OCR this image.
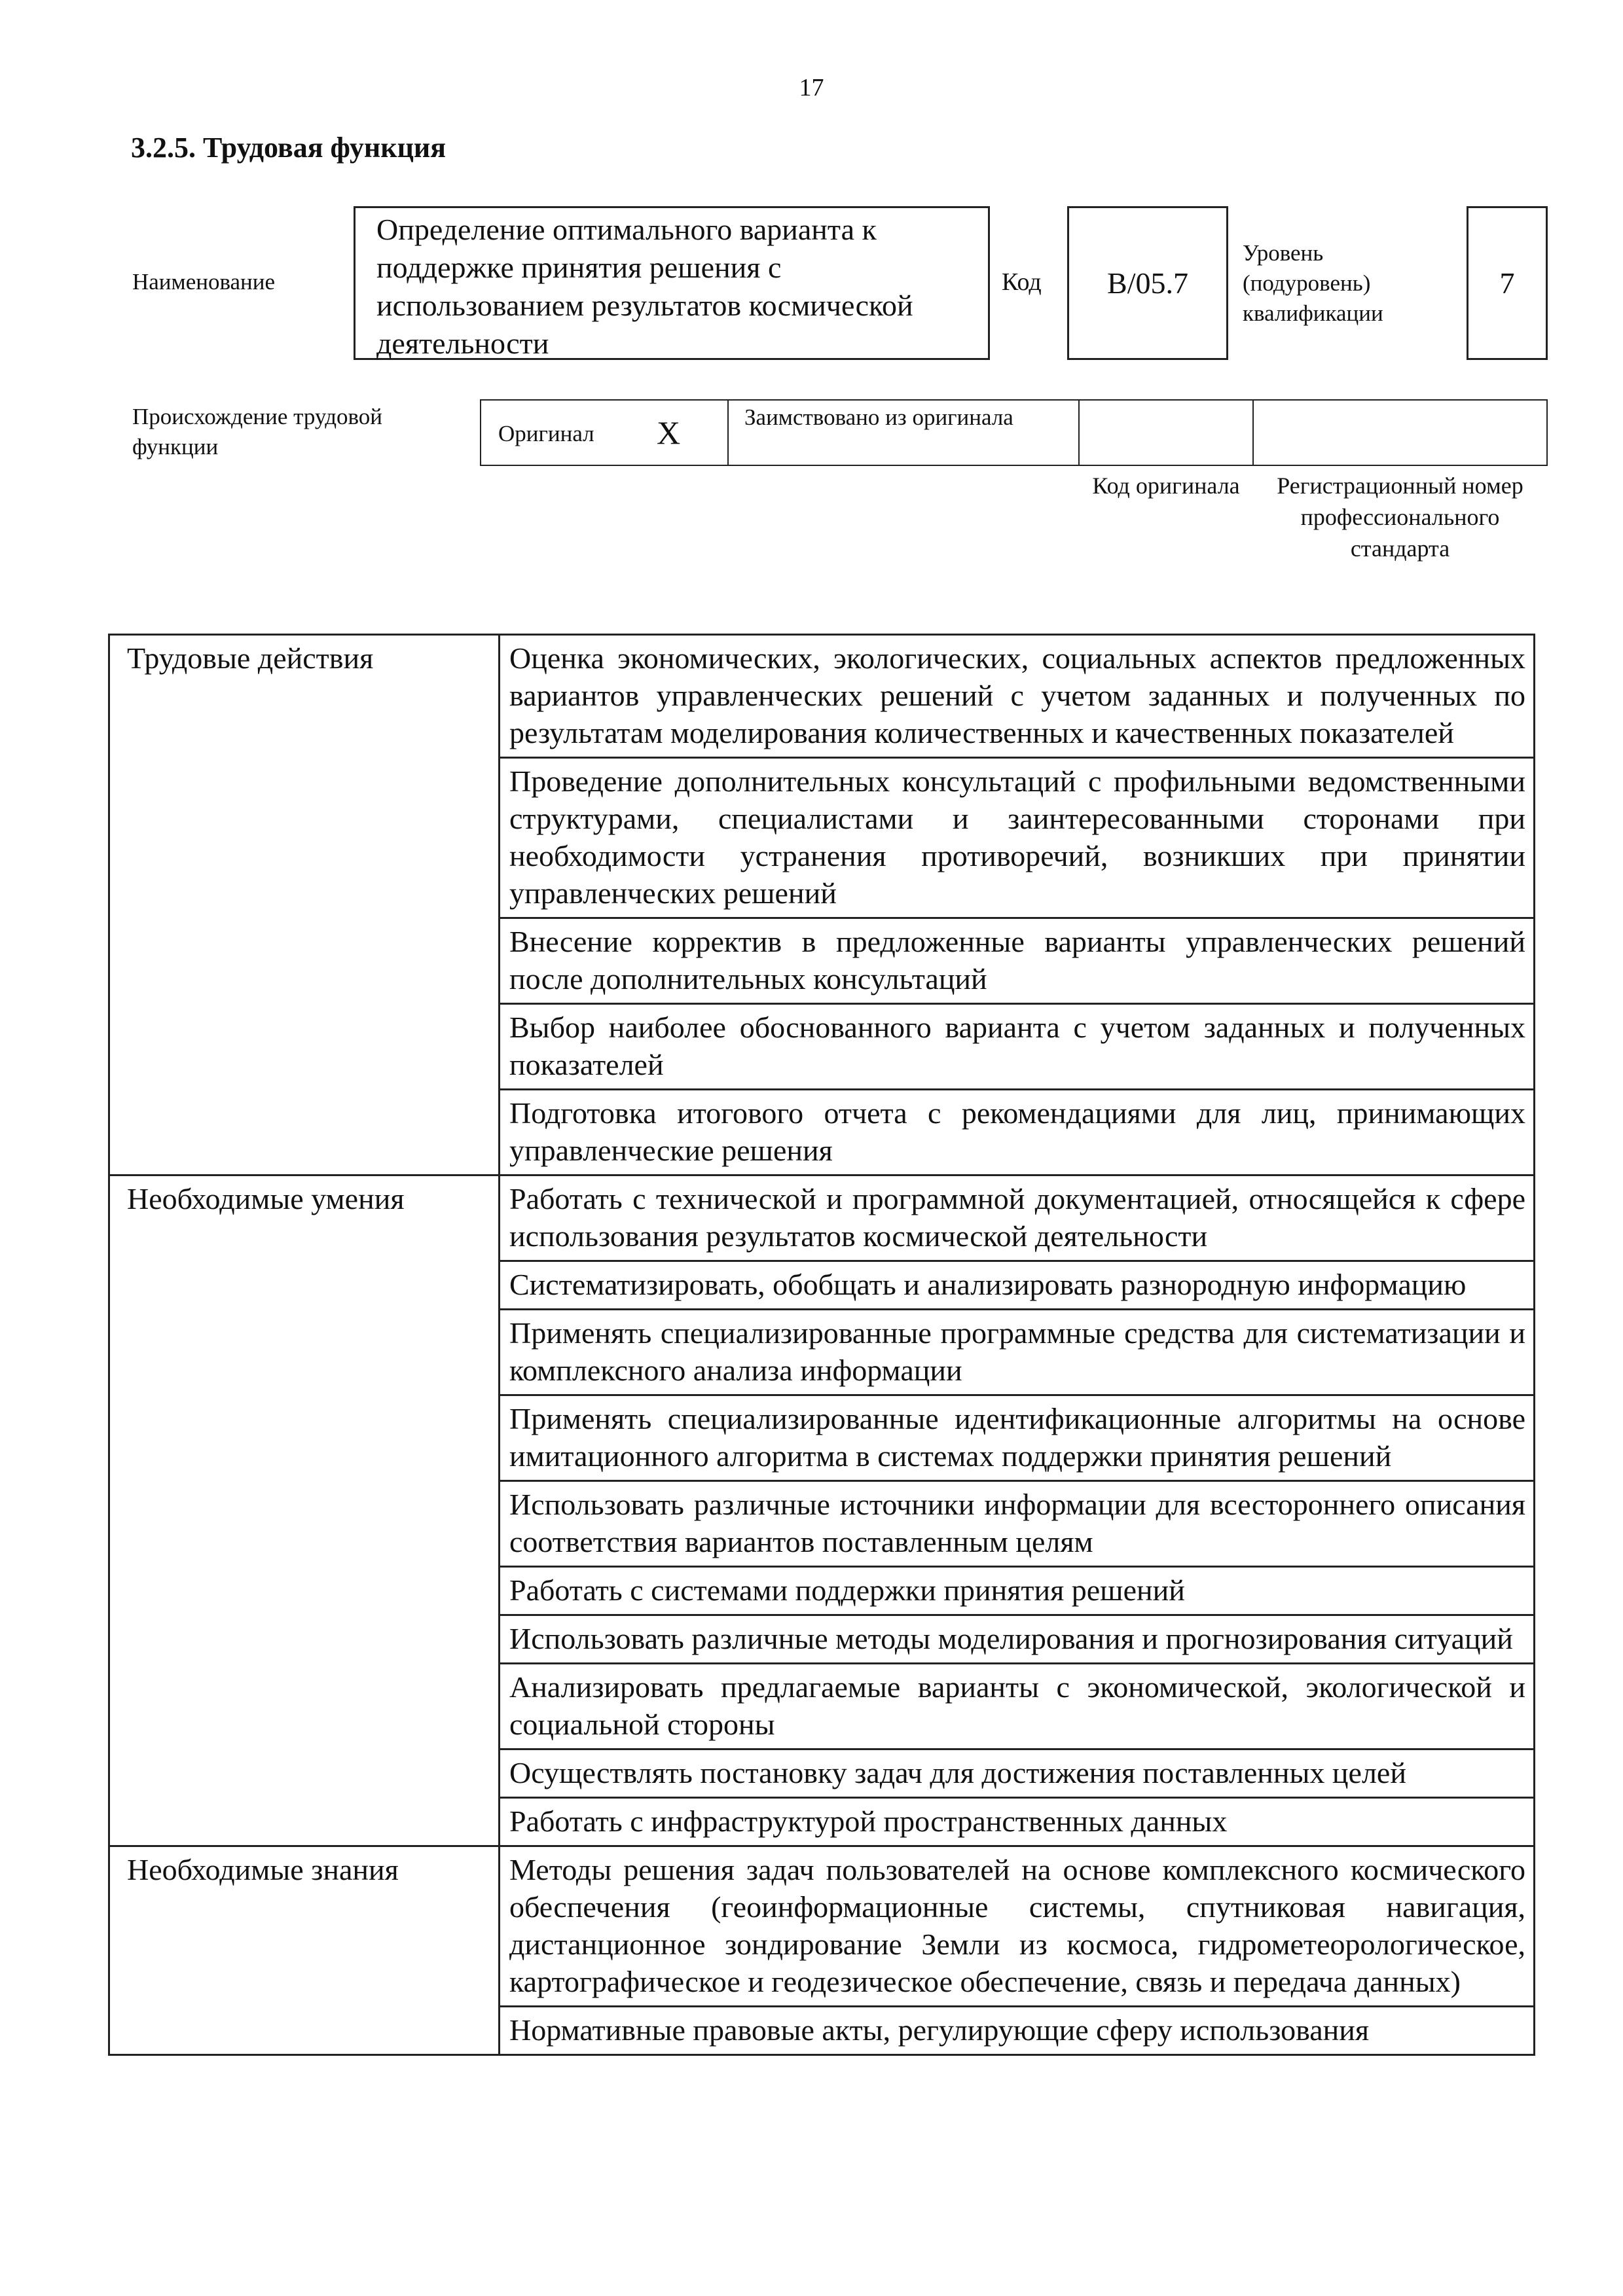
17
3.2.5. Трудовая функция
Наименование
Определение оптимального варианта к поддержке принятия решения с использованием результатов космической деятельности
Код	B/05.7
Уровень (подуровень) квалификации
7
Происхождение трудовой функции
Оригинал X	Заимствовано из оригинала
Код оригинала	Регистрационный номер профессионального стандарта
Трудовые действия	Оценка экономических, экологических, социальных аспектов предложенных вариантов управленческих решений с учетом заданных и полученных по результатам моделирования количественных и качественных показателей
	Проведение дополнительных консультаций с профильными ведомственными структурами, специалистами и заинтересованными сторонами при необходимости устранения противоречий, возникших при принятии управленческих решений
	Внесение корректив в предложенные варианты управленческих решений после дополнительных консультаций
	Выбор наиболее обоснованного варианта с учетом заданных и полученных показателей
	Подготовка итогового отчета с рекомендациями для лиц, принимающих управленческие решения
Необходимые умения	Работать с технической и программной документацией, относящейся к сфере использования результатов космической деятельности
	Систематизировать, обобщать и анализировать разнородную информацию
	Применять специализированные программные средства для систематизации и комплексного анализа информации
	Применять специализированные идентификационные алгоритмы на основе имитационного алгоритма в системах поддержки принятия решений
	Использовать различные источники информации для всестороннего описания соответствия вариантов поставленным целям
	Работать с системами поддержки принятия решений
	Использовать различные методы моделирования и прогнозирования ситуаций
	Анализировать предлагаемые варианты с экономической, экологической и социальной стороны
	Осуществлять постановку задач для достижения поставленных целей
	Работать с инфраструктурой пространственных данных
Необходимые знания	Методы решения задач пользователей на основе комплексного космического обеспечения (геоинформационные системы, спутниковая навигация, дистанционное зондирование Земли из космоса, гидрометеорологическое, картографическое и геодезическое обеспечение, связь и передача данных)
	Нормативные правовые акты, регулирующие сферу использования
